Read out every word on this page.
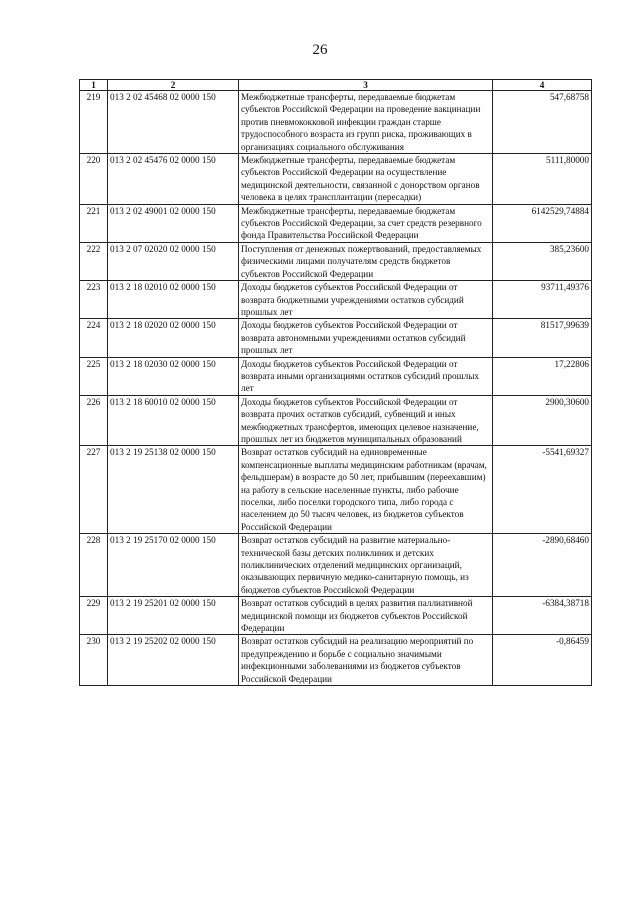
26
1	2	3	4
219	013 2 02 45468 02 0000 150	Межбюджетные трансферты, передаваемые бюджетам субъектов Российской Федерации на проведение вакцинации против пневмококковой инфекции граждан старше трудоспособного возраста из групп риска, проживающих в организациях социального обслуживания	547,68758
220	013 2 02 45476 02 0000 150	Межбюджетные трансферты, передаваемые бюджетам субъектов Российской Федерации на осуществление медицинской деятельности, связанной с донорством органов человека в целях трансплантации (пересадки)	5111,80000
221	013 2 02 49001 02 0000 150	Межбюджетные трансферты, передаваемые бюджетам субъектов Российской Федерации, за счет средств резервного фонда Правительства Российской Федерации	6142529,74884
222	013 2 07 02020 02 0000 150	Поступления от денежных пожертвований, предоставляемых физическими лицами получателям средств бюджетов субъектов Российской Федерации	385,23600
223	013 2 18 02010 02 0000 150	Доходы бюджетов субъектов Российской Федерации от возврата бюджетными учреждениями остатков субсидий прошлых лет	93711,49376
224	013 2 18 02020 02 0000 150	Доходы бюджетов субъектов Российской Федерации от возврата автономными учреждениями остатков субсидий прошлых лет	81517,99639
225	013 2 18 02030 02 0000 150	Доходы бюджетов субъектов Российской Федерации от возврата иными организациями остатков субсидий прошлых лет	17,22806
226	013 2 18 60010 02 0000 150	Доходы бюджетов субъектов Российской Федерации от возврата прочих остатков субсидий, субвенций и иных межбюджетных трансфертов, имеющих целевое назначение, прошлых лет из бюджетов муниципальных образований	2900,30600
227	013 2 19 25138 02 0000 150	Возврат остатков субсидий на единовременные компенсационные выплаты медицинским работникам (врачам, фельдшерам) в возрасте до 50 лет, прибывшим (переехавшим) на работу в сельские населенные пункты, либо рабочие поселки, либо поселки городского типа, либо города с населением до 50 тысяч человек, из бюджетов субъектов Российской Федерации	-5541,69327
228	013 2 19 25170 02 0000 150	Возврат остатков субсидий на развитие материально-технической базы детских поликлиник и детских поликлинических отделений медицинских организаций, оказывающих первичную медико-санитарную помощь, из бюджетов субъектов Российской Федерации	-2890,68460
229	013 2 19 25201 02 0000 150	Возврат остатков субсидий в целях развития паллиативной медицинской помощи из бюджетов субъектов Российской Федерации	-6384,38718
230	013 2 19 25202 02 0000 150	Возврат остатков субсидий на реализацию мероприятий по предупреждению и борьбе с социально значимыми инфекционными заболеваниями из бюджетов субъектов Российской Федерации	-0,86459
